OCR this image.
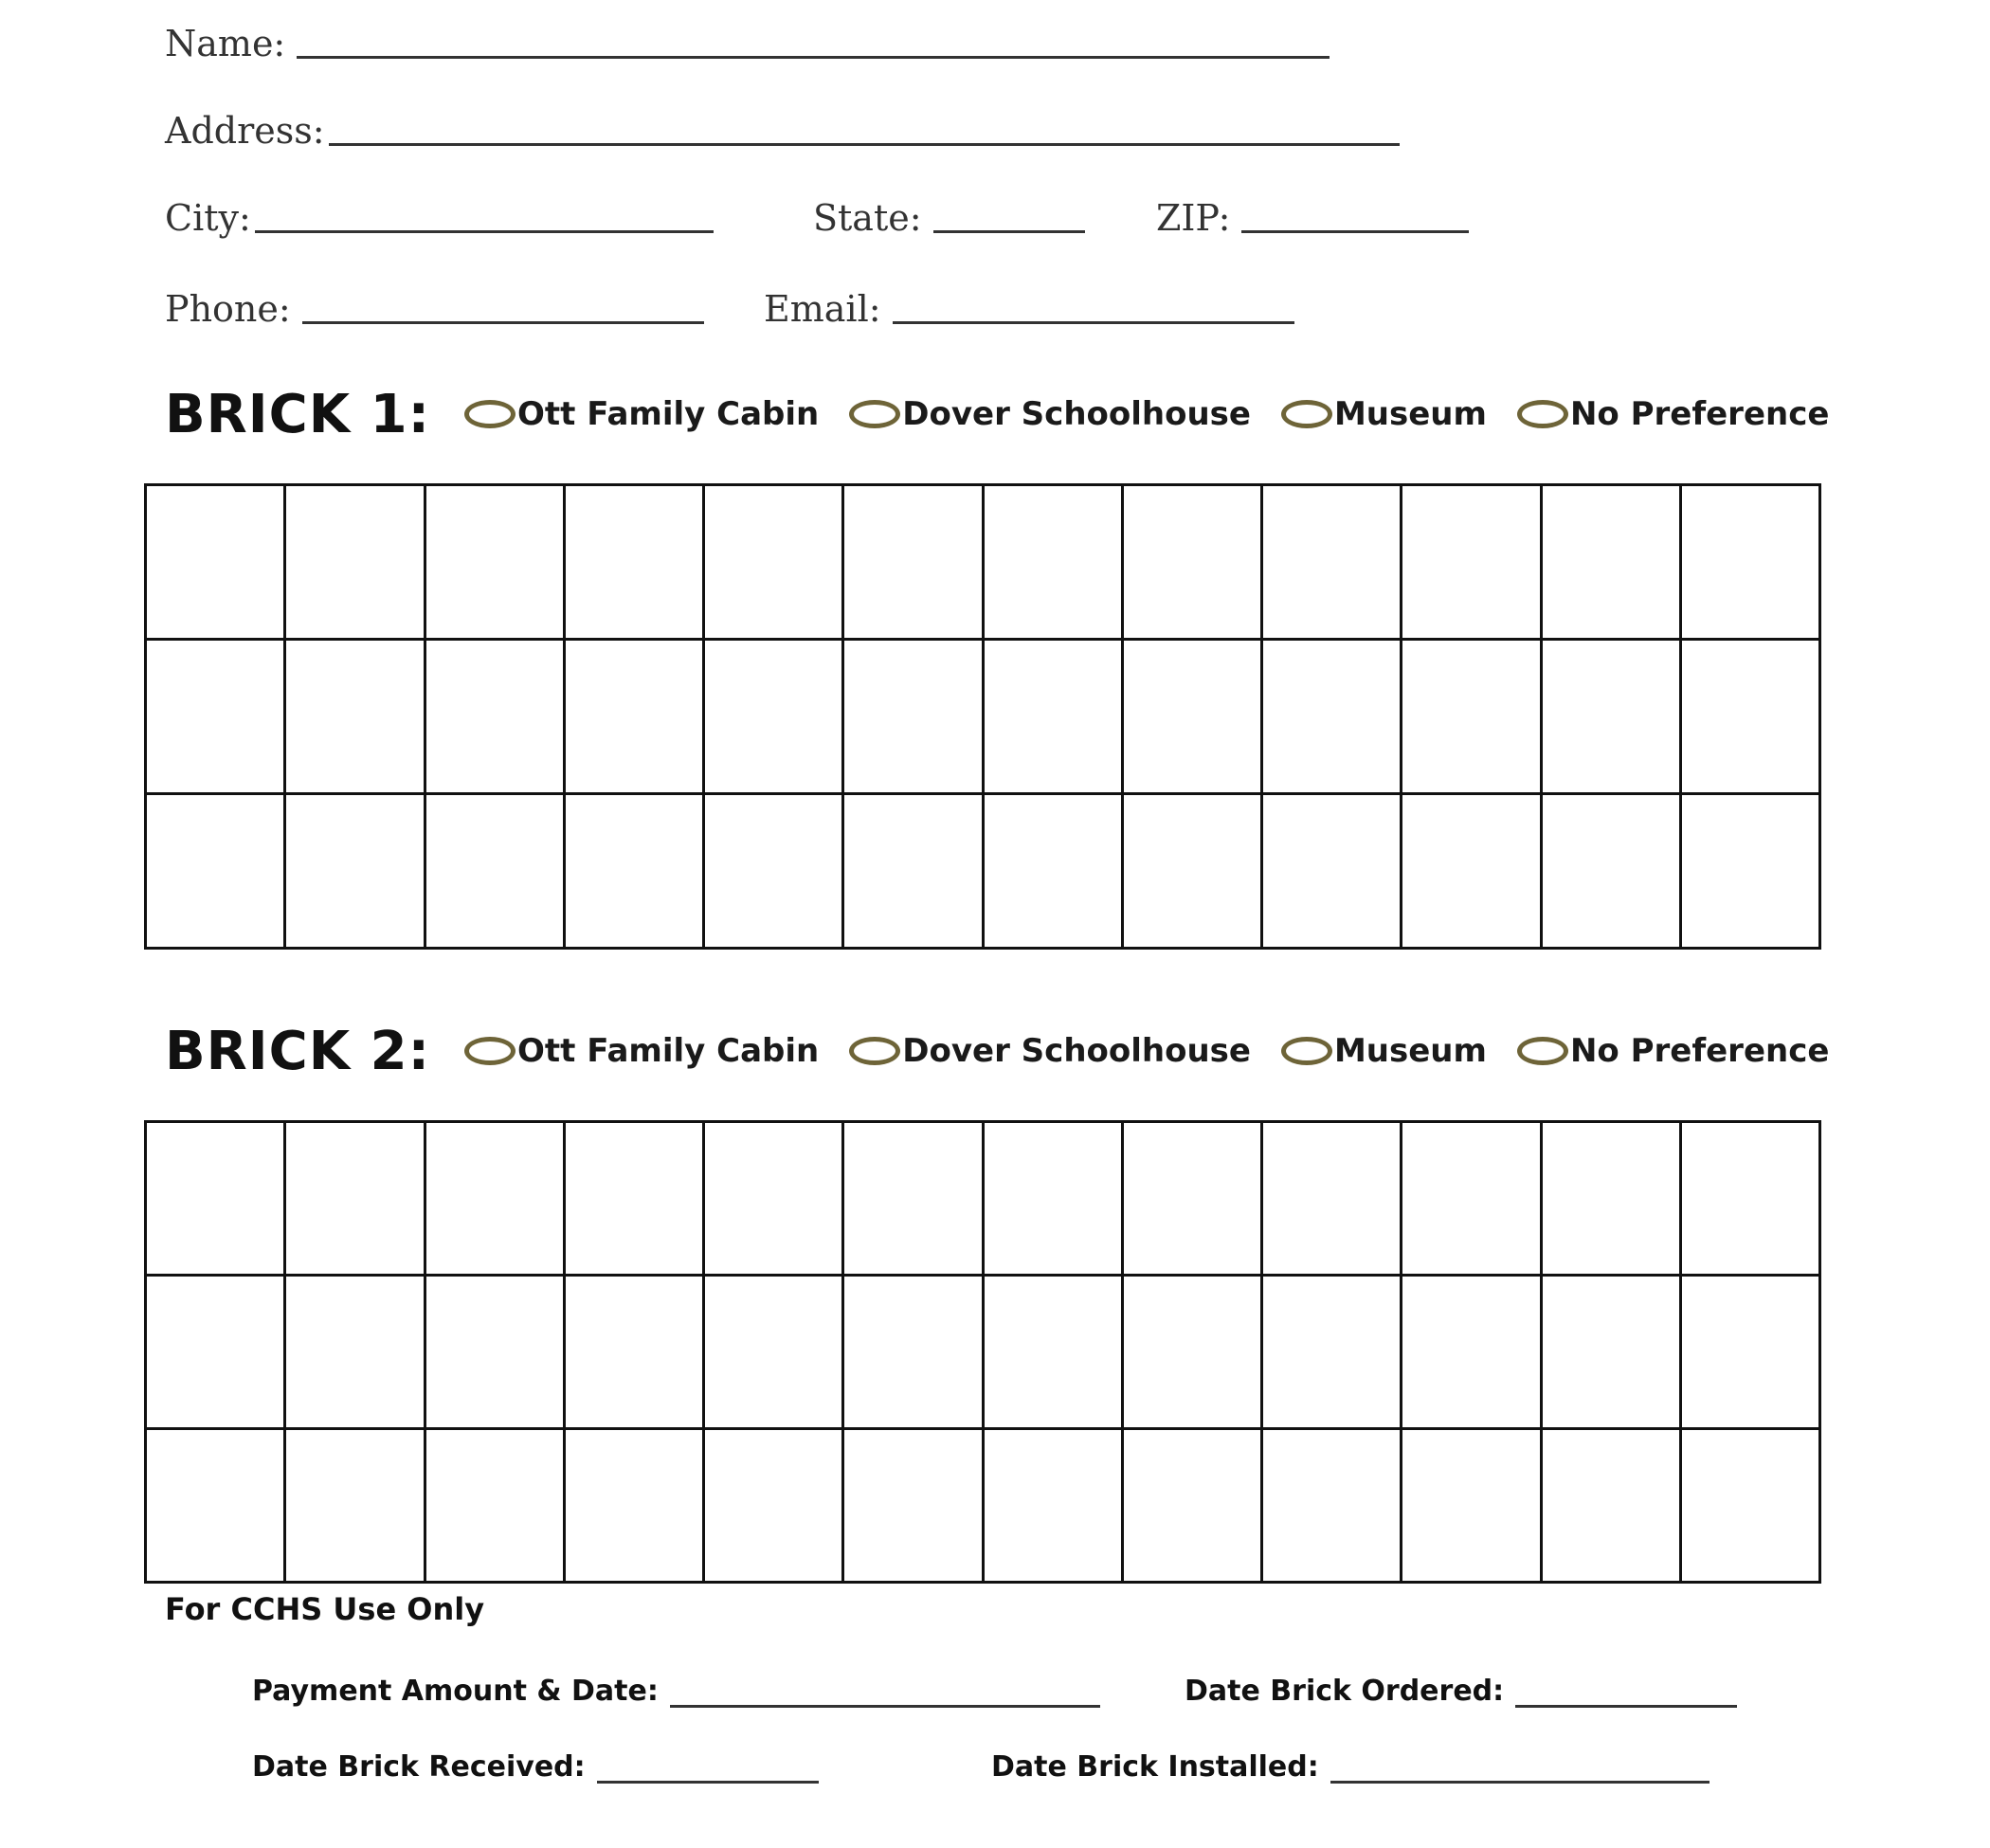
Name:
Address:
City:	State:	ZIP:
Phone:	Email:
BRICK 1:	Ott Family Cabin	Dover Schoolhouse	Museum	No Preference

BRICK 2:	Ott Family Cabin	Dover Schoolhouse	Museum	No Preference

For CCHS Use Only
Payment Amount & Date:	Date Brick Ordered:
Date Brick Received:	Date Brick Installed:
